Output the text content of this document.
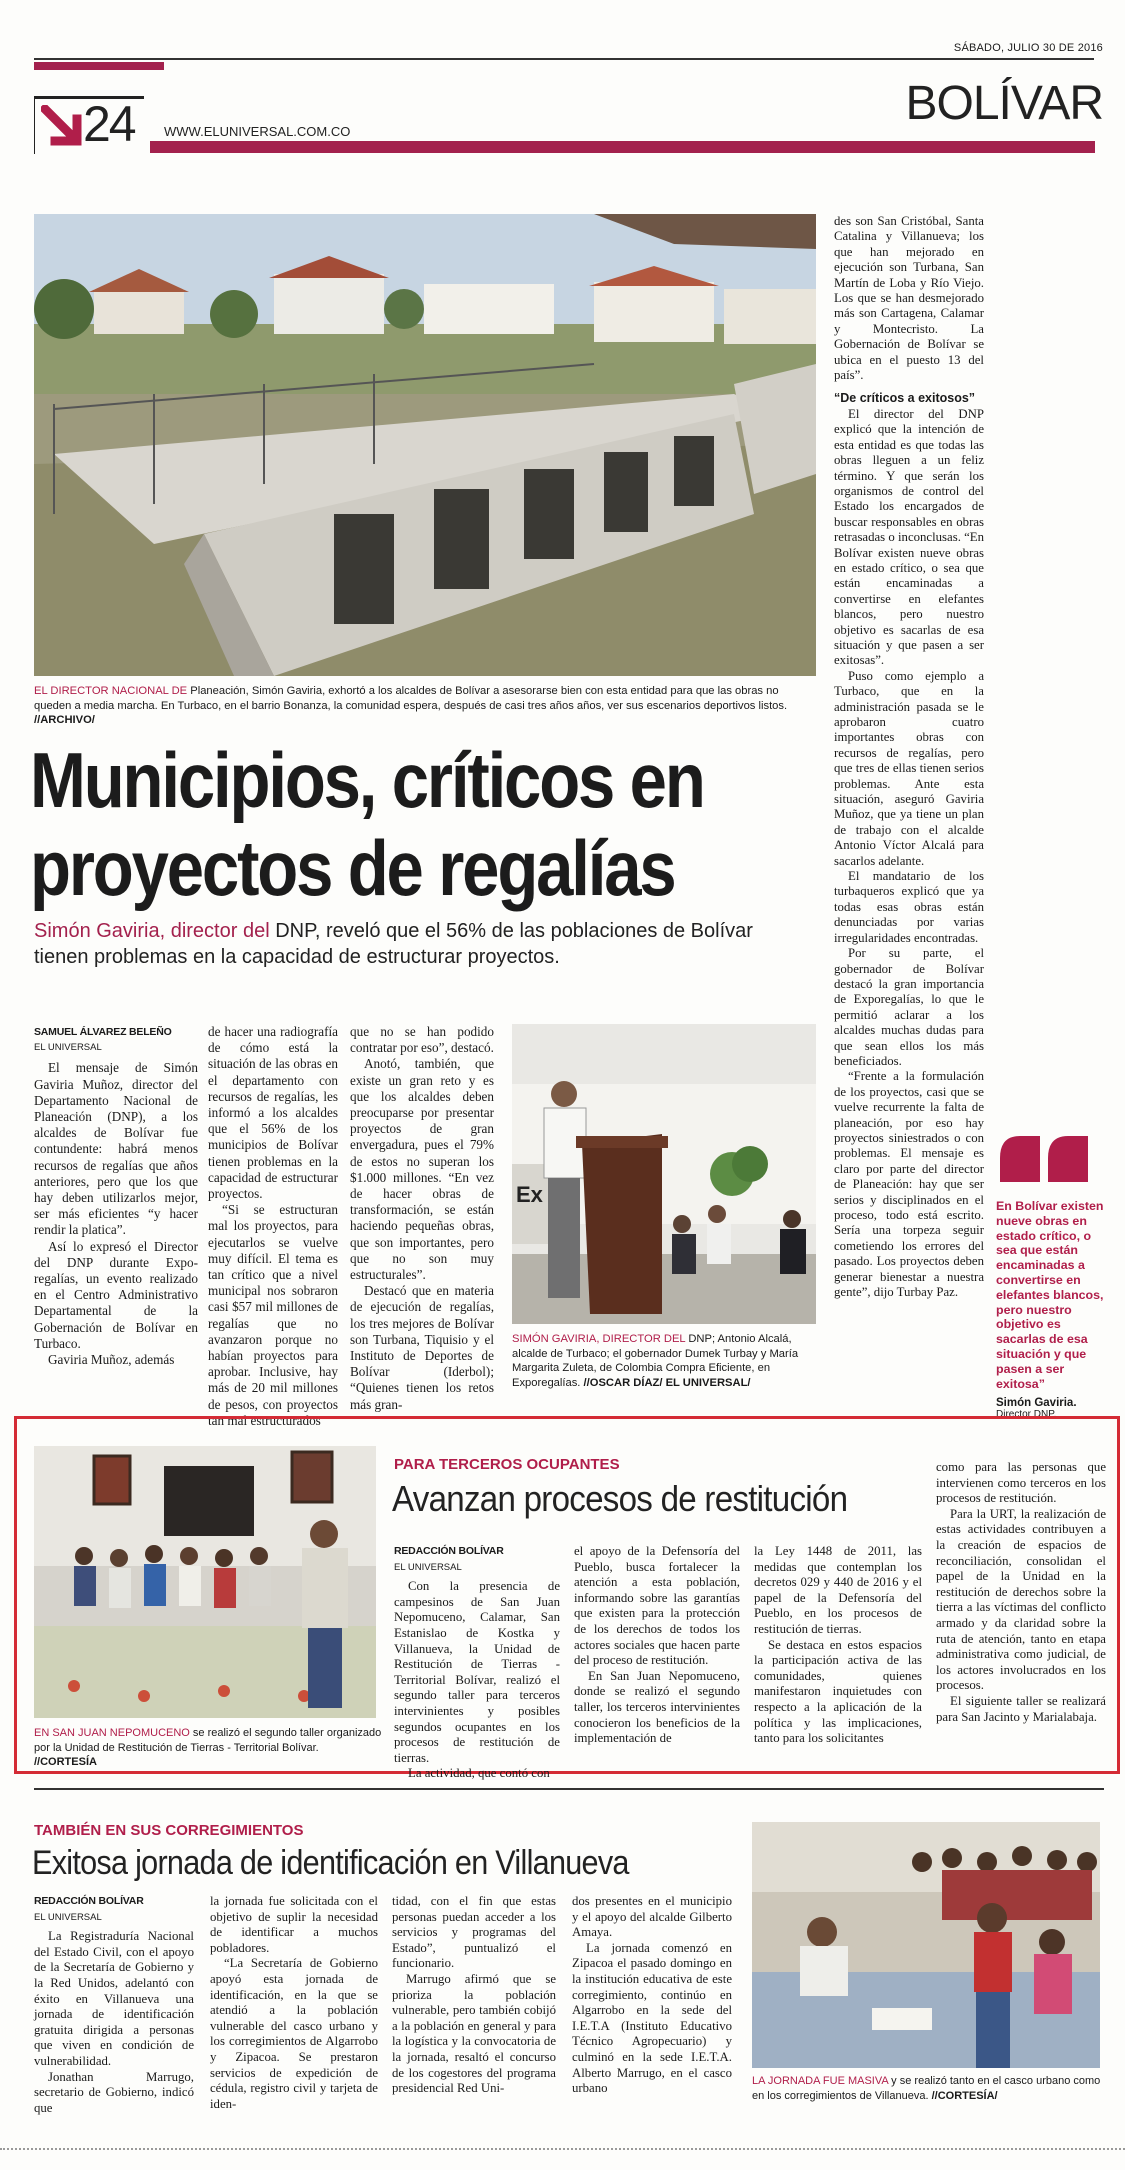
SÁBADO, JULIO 30 DE 2016
24 WWW.ELUNIVERSAL.COM.CO
BOLÍVAR
EL DIRECTOR NACIONAL DE Planeación, Simón Gaviria, exhortó a los alcaldes de Bolívar a asesorarse bien con esta entidad para que las obras no queden a media marcha. En Turbaco, en el barrio Bonanza, la comunidad espera, después de casi tres años años, ver sus escenarios deportivos listos. //ARCHIVO/
Municipios, críticos en
proyectos de regalías
Simón Gaviria, director del DNP, reveló que el 56% de las poblaciones de Bolívar tienen problemas en la capacidad de estructurar proyectos.

SAMUEL ÁLVAREZ BELEÑO

EL UNIVERSAL

El mensaje de Simón Gaviria Muñoz, director del Departamento Nacional de Planeación (DNP), a los alcaldes de Bolívar fue contundente: habrá menos recursos de regalías que años anteriores, pero que los que hay deben utilizarlos mejor, ser más eficientes “y hacer rendir la platica”.

Así lo expresó el Director del DNP durante Expo-regalías, un evento realizado en el Centro Administrativo Departamental de la Gobernación de Bolívar en Turbaco.

Gaviria Muñoz, además

de hacer una radiografía de cómo está la situación de las obras en el departamento con recursos de regalías, les informó a los alcaldes que el 56% de los municipios de Bolívar tienen problemas en la capacidad de estructurar proyectos.

“Si se estructuran mal los proyectos, para ejecutarlos se vuelve muy difícil. El tema es tan crítico que a nivel municipal nos sobraron casi $57 mil millones de regalías que no avanzaron porque no habían proyectos para aprobar. Inclusive, hay más de 20 mil millones de pesos, con proyectos tan mal estructurados

que no se han podido contratar por eso”, destacó.

Anotó, también, que existe un gran reto y es que los alcaldes deben preocuparse por presentar proyectos de gran envergadura, pues el 79% de estos no superan los $1.000 millones. “En vez de hacer obras de transformación, se están haciendo pequeñas obras, que son importantes, pero que no son muy estructurales”.

Destacó que en materia de ejecución de regalías, los tres mejores de Bolívar son Turbana, Tiquisio y el Instituto de Deportes de Bolívar (Iderbol); “Quienes tienen los retos más gran-

Ex
SIMÓN GAVIRIA, DIRECTOR DEL DNP; Antonio Alcalá, alcalde de Turbaco; el gobernador Dumek Turbay y María Margarita Zuleta, de Colombia Compra Eficiente, en Exporegalías. //OSCAR DÍAZ/ EL UNIVERSAL/

des son San Cristóbal, Santa Catalina y Villanueva; los que han mejorado en ejecución son Turbana, San Martín de Loba y Río Viejo. Los que se han desmejorado más son Cartagena, Calamar y Montecristo. La Gobernación de Bolívar se ubica en el puesto 13 del país”.

“De críticos a exitosos”

El director del DNP explicó que la intención de esta entidad es que todas las obras lleguen a un feliz término. Y que serán los organismos de control del Estado los encargados de buscar responsables en obras retrasadas o inconclusas. “En Bolívar existen nueve obras en estado crítico, o sea que están encaminadas a convertirse en elefantes blancos, pero nuestro objetivo es sacarlas de esa situación y que pasen a ser exitosas”.

Puso como ejemplo a Turbaco, que en la administración pasada se le aprobaron cuatro importantes obras con recursos de regalías, pero que tres de ellas tienen serios problemas. Ante esta situación, aseguró Gaviria Muñoz, que ya tiene un plan de trabajo con el alcalde Antonio Víctor Alcalá para sacarlos adelante.

El mandatario de los turbaqueros explicó que ya todas esas obras están denunciadas por varias irregularidades encontradas.

Por su parte, el gobernador de Bolívar destacó la gran importancia de Exporegalías, lo que le permitió aclarar a los alcaldes muchas dudas para que sean ellos los más beneficiados.

“Frente a la formulación de los proyectos, casi que se vuelve recurrente la falta de planeación, por eso hay proyectos siniestrados o con problemas. El mensaje es claro por parte del director de Planeación: hay que ser serios y disciplinados en el proceso, todo está escrito. Sería una torpeza seguir cometiendo los errores del pasado. Los proyectos deben generar bienestar a nuestra gente”, dijo Turbay Paz.

En Bolívar existen nueve obras en estado crítico, o sea que están encaminadas a convertirse en elefantes blancos, pero nuestro objetivo es sacarlas de esa situación y que pasen a ser exitosa”
Simón Gaviria.
Director DNP.
EN SAN JUAN NEPOMUCENO se realizó el segundo taller organizado por la Unidad de Restitución de Tierras - Territorial Bolívar. //CORTESÍA
PARA TERCEROS OCUPANTES
Avanzan procesos de restitución

REDACCIÓN BOLÍVAR

EL UNIVERSAL

Con la presencia de campesinos de San Juan Nepomuceno, Calamar, San Estanislao de Kostka y Villanueva, la Unidad de Restitución de Tierras - Territorial Bolívar, realizó el segundo taller para terceros intervinientes y posibles segundos ocupantes en los procesos de restitución de tierras.

La actividad, que contó con

el apoyo de la Defensoría del Pueblo, busca fortalecer la atención a esta población, informando sobre las garantías que existen para la protección de los derechos de todos los actores sociales que hacen parte del proceso de restitución.

En San Juan Nepomuceno, donde se realizó el segundo taller, los terceros intervinientes conocieron los beneficios de la implementación de

la Ley 1448 de 2011, las medidas que contemplan los decretos 029 y 440 de 2016 y el papel de la Defensoría del Pueblo, en los procesos de restitución de tierras.

Se destaca en estos espacios la participación activa de las comunidades, quienes manifestaron inquietudes con respecto a la aplicación de la política y las implicaciones, tanto para los solicitantes

como para las personas que intervienen como terceros en los procesos de restitución.

Para la URT, la realización de estas actividades contribuyen a la creación de espacios de reconciliación, consolidan el papel de la Unidad en la restitución de derechos sobre la tierra a las víctimas del conflicto armado y da claridad sobre la ruta de atención, tanto en etapa administrativa como judicial, de los actores involucrados en los procesos.

El siguiente taller se realizará para San Jacinto y Marialabaja.

TAMBIÉN EN SUS CORREGIMIENTOS
Exitosa jornada de identificación en Villanueva

REDACCIÓN BOLÍVAR

EL UNIVERSAL

La Registraduría Nacional del Estado Civil, con el apoyo de la Secretaría de Gobierno y la Red Unidos, adelantó con éxito en Villanueva una jornada de identificación gratuita dirigida a personas que viven en condición de vulnerabilidad.

Jonathan Marrugo, secretario de Gobierno, indicó que

la jornada fue solicitada con el objetivo de suplir la necesidad de identificar a muchos pobladores.

“La Secretaría de Gobierno apoyó esta jornada de identificación, en la que se atendió a la población vulnerable del casco urbano y los corregimientos de Algarrobo y Zipacoa. Se prestaron servicios de expedición de cédula, registro civil y tarjeta de iden-

tidad, con el fin que estas personas puedan acceder a los servicios y programas del Estado”, puntualizó el funcionario.

Marrugo afirmó que se prioriza la población vulnerable, pero también cobijó a la población en general y para la logística y la convocatoria de la jornada, resaltó el concurso de los cogestores del programa presidencial Red Uni-

dos presentes en el municipio y el apoyo del alcalde Gilberto Amaya.

La jornada comenzó en Zipacoa el pasado domingo en la institución educativa de este corregimiento, continúo en Algarrobo en la sede del I.E.T.A (Instituto Educativo Técnico Agropecuario) y culminó en la sede I.E.T.A. Alberto Marrugo, en el casco urbano

LA JORNADA FUE MASIVA y se realizó tanto en el casco urbano como en los corregimientos de Villanueva. //CORTESÍA/
